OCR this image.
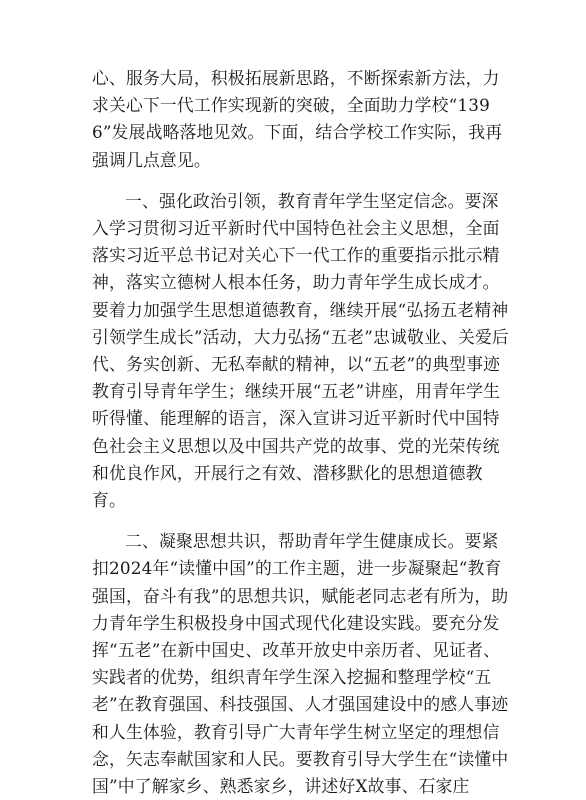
心、服务大局，积极拓展新思路，不断探索新方法，力求关心下一代工作实现新的突破，全面助力学校“1396”发展战略落地见效。下面，结合学校工作实际，我再强调几点意见。

一、强化政治引领，教育青年学生坚定信念。要深入学习贯彻习近平新时代中国特色社会主义思想，全面落实习近平总书记对关心下一代工作的重要指示批示精神，落实立德树人根本任务，助力青年学生成长成才。要着力加强学生思想道德教育，继续开展“弘扬五老精神引领学生成长”活动，大力弘扬“五老”忠诚敬业、关爱后代、务实创新、无私奉献的精神，以“五老”的典型事迹教育引导青年学生；继续开展“五老”讲座，用青年学生听得懂、能理解的语言，深入宣讲习近平新时代中国特色社会主义思想以及中国共产党的故事、党的光荣传统和优良作风，开展行之有效、潜移默化的思想道德教育。

二、凝聚思想共识，帮助青年学生健康成长。要紧扣2024年“读懂中国”的工作主题，进一步凝聚起“教育强国，奋斗有我”的思想共识，赋能老同志老有所为，助力青年学生积极投身中国式现代化建设实践。要充分发挥“五老”在新中国史、改革开放史中亲历者、见证者、实践者的优势，组织青年学生深入挖掘和整理学校“五老”在教育强国、科技强国、人才强国建设中的感人事迹和人生体验，教育引导广大青年学生树立坚定的理想信念，矢志奉献国家和人民。要教育引导大学生在“读懂中国”中了解家乡、熟悉家乡，讲述好X故事、石家庄
